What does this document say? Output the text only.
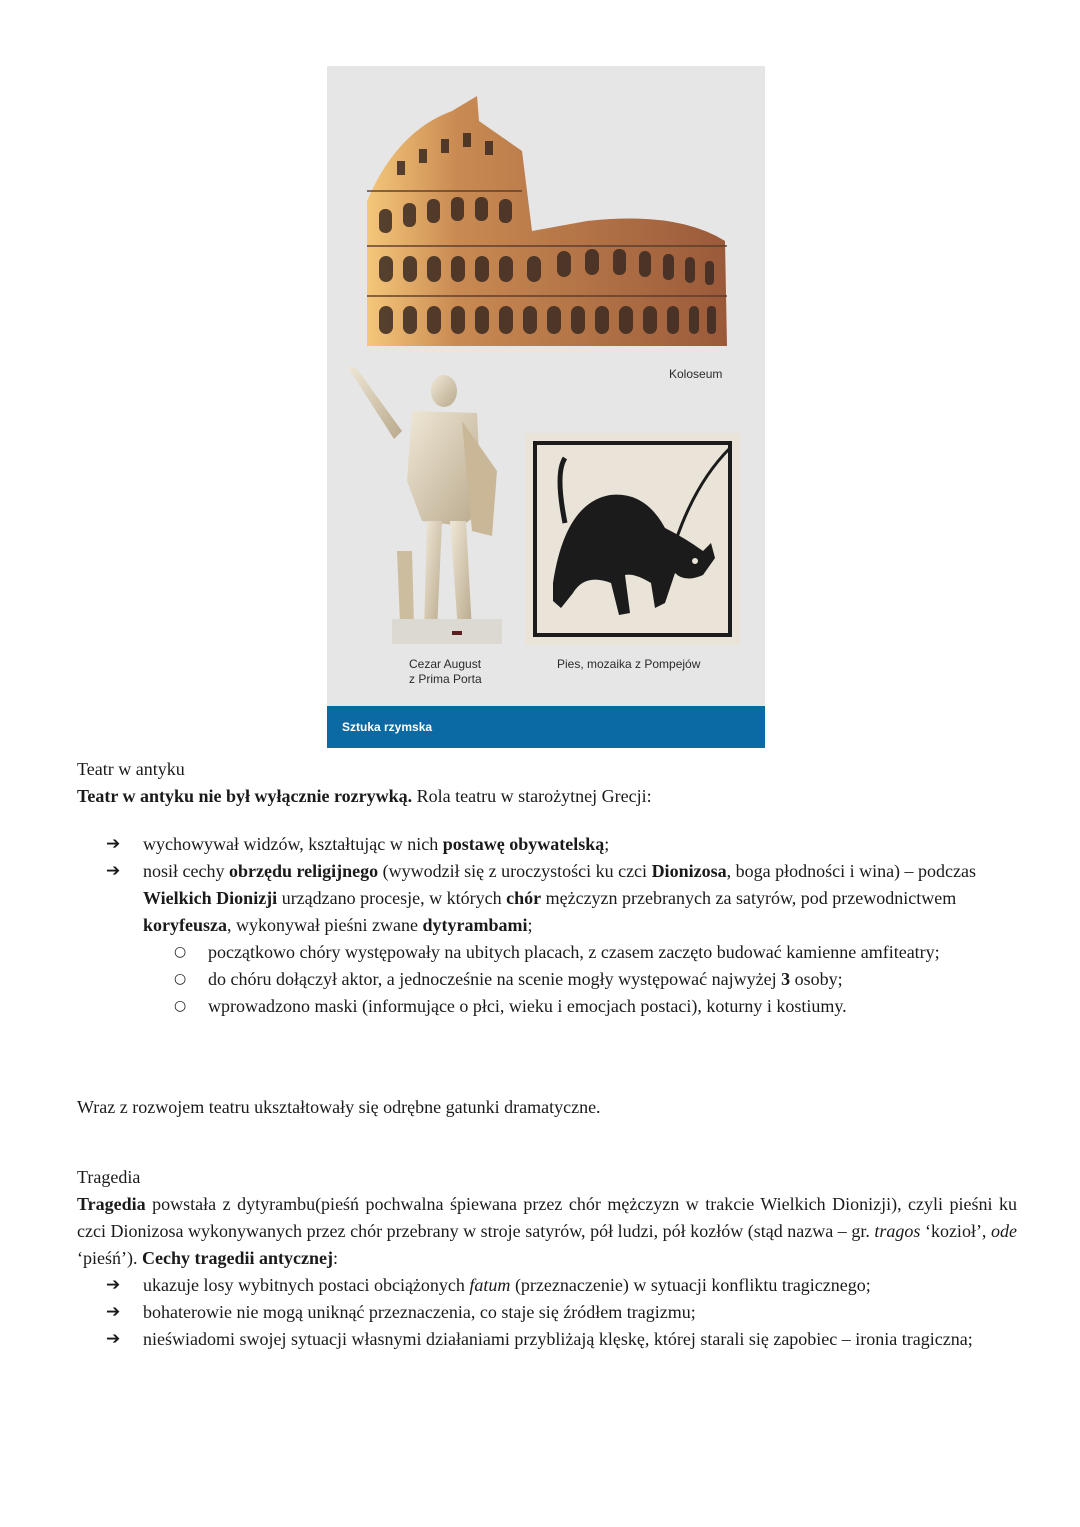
Koloseum
Cezar August
z Prima Porta
Pies, mozaika z Pompejów
Sztuka rzymska
Teatr w antyku
Teatr w antyku nie był wyłącznie rozrywką. Rola teatru w starożytnej Grecji:
➔ wychowywał widzów, kształtując w nich postawę obywatelską;
➔ nosił cechy obrzędu religijnego (wywodził się z uroczystości ku czci Dionizosa, boga płodności i wina) – podczas Wielkich Dionizji urządzano procesje, w których chór mężczyzn przebranych za satyrów, pod przewodnictwem koryfeusza, wykonywał pieśni zwane dytyrambami;
○ początkowo chóry występowały na ubitych placach, z czasem zaczęto budować kamienne amfiteatry;
○ do chóru dołączył aktor, a jednocześnie na scenie mogły występować najwyżej 3 osoby;
○ wprowadzono maski (informujące o płci, wieku i emocjach postaci), koturny i kostiumy.
Wraz z rozwojem teatru ukształtowały się odrębne gatunki dramatyczne.
Tragedia
Tragedia powstała z dytyrambu(pieśń pochwalna śpiewana przez chór mężczyzn w trakcie Wielkich Dionizji), czyli pieśni ku czci Dionizosa wykonywanych przez chór przebrany w stroje satyrów, pół ludzi, pół kozłów (stąd nazwa – gr. tragos ‘kozioł’, ode ‘pieśń’). Cechy tragedii antycznej:
➔ ukazuje losy wybitnych postaci obciążonych fatum (przeznaczenie) w sytuacji konfliktu tragicznego;
➔ bohaterowie nie mogą uniknąć przeznaczenia, co staje się źródłem tragizmu;
➔ nieświadomi swojej sytuacji własnymi działaniami przybliżają klęskę, której starali się zapobiec – ironia tragiczna;
